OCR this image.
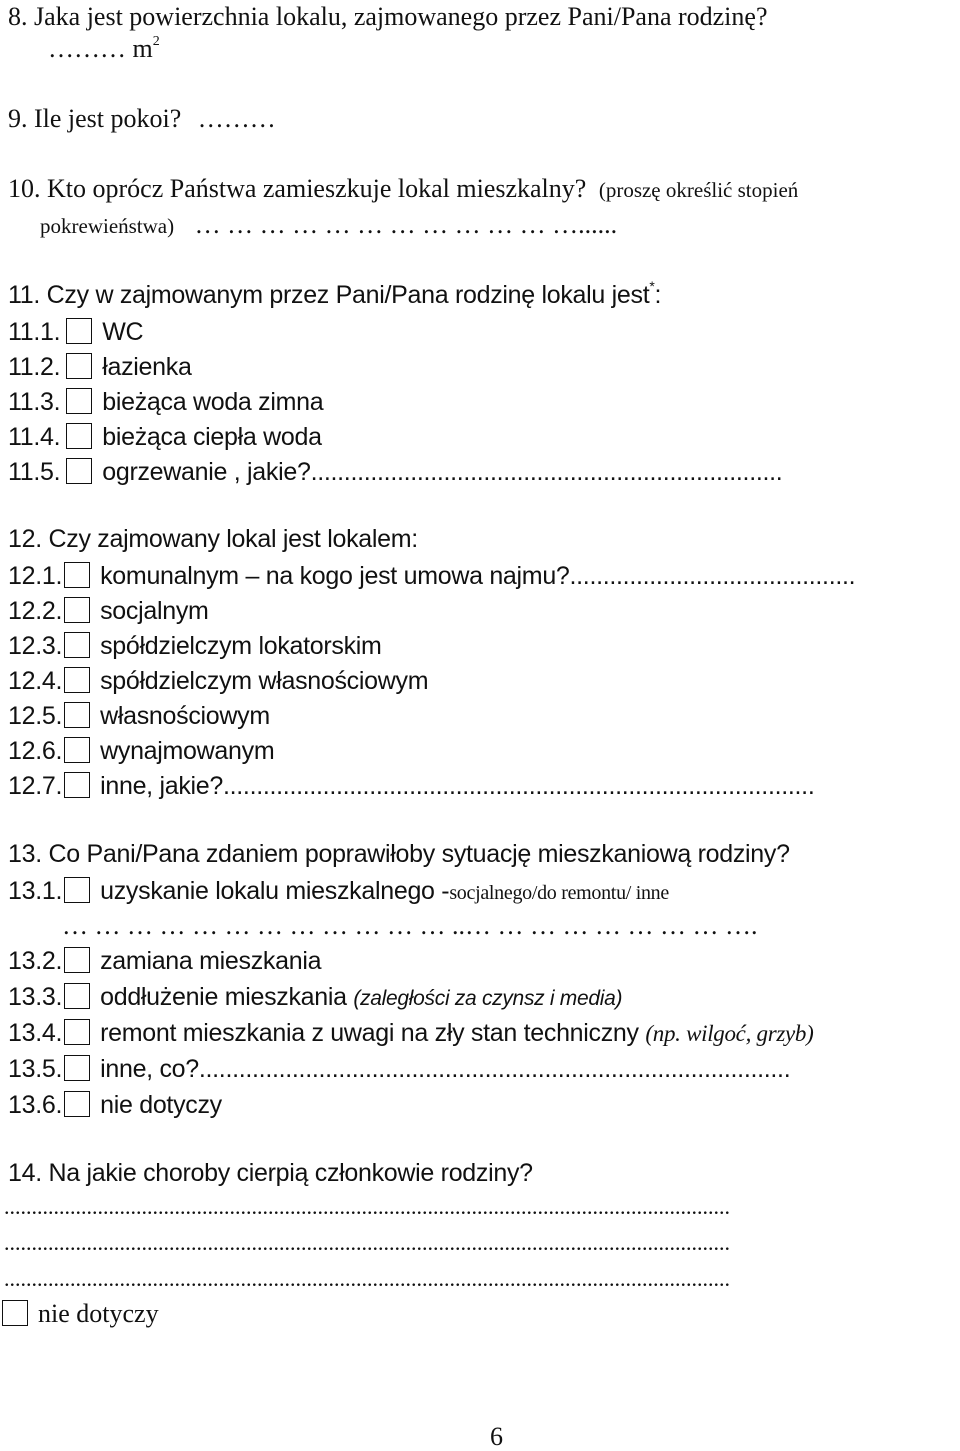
8. Jaka jest powierzchnia lokalu, zajmowanego przez Pani/Pana rodzinę?
……… $m^2$
9. Ile jest pokoi? ………
10. Kto oprócz Państwa zamieszkuje lokal mieszkalny? (proszę określić stopień
pokrewieństwa) … … … … … … … … … … … …......
11. Czy w zajmowanym przez Pani/Pana rodzinę lokalu jest*:
11.1. WC
11.2. łazienka
11.3. bieżąca woda zimna
11.4. bieżąca ciepła woda
11.5. ogrzewanie , jakie?.......................................................................
12. Czy zajmowany lokal jest lokalem:
12.1. komunalnym – na kogo jest umowa najmu?...........................................
12.2. socjalnym
12.3. spółdzielczym lokatorskim
12.4. spółdzielczym własnościowym
12.5. własnościowym
12.6. wynajmowanym
12.7. inne, jakie?.........................................................................................
13. Co Pani/Pana zdaniem poprawiłoby sytuację mieszkaniową rodziny?
13.1. uzyskanie lokalu mieszkalnego -socjalnego/do remontu/ inne
… … … … … … … … … … … … ..… … … … … … … … ….
13.2. zamiana mieszkania
13.3. oddłużenie mieszkania (zaległości za czynsz i media)
13.4. remont mieszkania z uwagi na zły stan techniczny (np. wilgoć, grzyb)
13.5. inne, co?.........................................................................................
13.6. nie dotyczy
14. Na jakie choroby cierpią członkowie rodziny?
....................................................................................................................................
....................................................................................................................................
....................................................................................................................................
nie dotyczy
6
